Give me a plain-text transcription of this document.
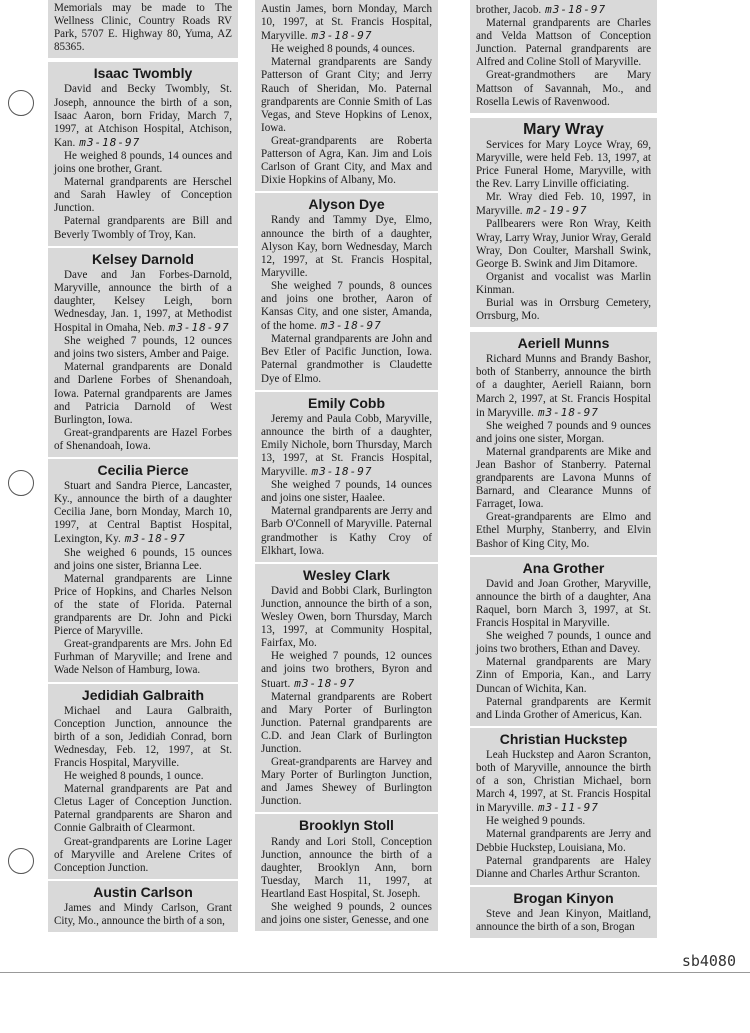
Memorials may be made to The Wellness Clinic, Country Roads RV Park, 5707 E. Highway 80, Yuma, AZ 85365.

Isaac Twombly

David and Becky Twombly, St. Joseph, announce the birth of a son, Isaac Aaron, born Friday, March 7, 1997, at Atchison Hospital, Atchison, Kan. m3-18-97

He weighed 8 pounds, 14 ounces and joins one brother, Grant.

Maternal grandparents are Herschel and Sarah Hawley of Conception Junction.

Paternal grandparents are Bill and Beverly Twombly of Troy, Kan.

Kelsey Darnold

Dave and Jan Forbes-Darnold, Maryville, announce the birth of a daughter, Kelsey Leigh, born Wednesday, Jan. 1, 1997, at Methodist Hospital in Omaha, Neb. m3-18-97

She weighed 7 pounds, 12 ounces and joins two sisters, Amber and Paige.

Maternal grandparents are Donald and Darlene Forbes of Shenandoah, Iowa. Paternal grandparents are James and Patricia Darnold of West Burlington, Iowa.

Great-grandparents are Hazel Forbes of Shenandoah, Iowa.

Cecilia Pierce

Stuart and Sandra Pierce, Lancaster, Ky., announce the birth of a daughter Cecilia Jane, born Monday, March 10, 1997, at Central Baptist Hospital, Lexington, Ky. m3-18-97

She weighed 6 pounds, 15 ounces and joins one sister, Brianna Lee.

Maternal grandparents are Linne Price of Hopkins, and Charles Nelson of the state of Florida. Paternal grandparents are Dr. John and Picki Pierce of Maryville.

Great-grandparents are Mrs. John Ed Furhman of Maryville; and Irene and Wade Nelson of Hamburg, Iowa.

Jedidiah Galbraith

Michael and Laura Galbraith, Conception Junction, announce the birth of a son, Jedidiah Conrad, born Wednesday, Feb. 12, 1997, at St. Francis Hospital, Maryville.

He weighed 8 pounds, 1 ounce.

Maternal grandparents are Pat and Cletus Lager of Conception Junction. Paternal grandparents are Sharon and Connie Galbraith of Clearmont.

Great-grandparents are Lorine Lager of Maryville and Arelene Crites of Conception Junction.

Austin Carlson

James and Mindy Carlson, Grant City, Mo., announce the birth of a son,

Austin James, born Monday, March 10, 1997, at St. Francis Hospital, Maryville. m3-18-97

He weighed 8 pounds, 4 ounces.

Maternal grandparents are Sandy Patterson of Grant City; and Jerry Rauch of Sheridan, Mo. Paternal grandparents are Connie Smith of Las Vegas, and Steve Hopkins of Lenox, Iowa.

Great-grandparents are Roberta Patterson of Agra, Kan. Jim and Lois Carlson of Grant City, and Max and Dixie Hopkins of Albany, Mo.

Alyson Dye

Randy and Tammy Dye, Elmo, announce the birth of a daughter, Alyson Kay, born Wednesday, March 12, 1997, at St. Francis Hospital, Maryville.

She weighed 7 pounds, 8 ounces and joins one brother, Aaron of Kansas City, and one sister, Amanda, of the home. m3-18-97

Maternal grandparents are John and Bev Etler of Pacific Junction, Iowa. Paternal grandmother is Claudette Dye of Elmo.

Emily Cobb

Jeremy and Paula Cobb, Maryville, announce the birth of a daughter, Emily Nichole, born Thursday, March 13, 1997, at St. Francis Hospital, Maryville. m3-18-97

She weighed 7 pounds, 14 ounces and joins one sister, Haalee.

Maternal grandparents are Jerry and Barb O'Connell of Maryville. Paternal grandmother is Kathy Croy of Elkhart, Iowa.

Wesley Clark

David and Bobbi Clark, Burlington Junction, announce the birth of a son, Wesley Owen, born Thursday, March 13, 1997, at Community Hospital, Fairfax, Mo.

He weighed 7 pounds, 12 ounces and joins two brothers, Byron and Stuart. m3-18-97

Maternal grandparents are Robert and Mary Porter of Burlington Junction. Paternal grandparents are C.D. and Jean Clark of Burlington Junction.

Great-grandparents are Harvey and Mary Porter of Burlington Junction, and James Shewey of Burlington Junction.

Brooklyn Stoll

Randy and Lori Stoll, Conception Junction, announce the birth of a daughter, Brooklyn Ann, born Tuesday, March 11, 1997, at Heartland East Hospital, St. Joseph.

She weighed 9 pounds, 2 ounces and joins one sister, Genesse, and one

brother, Jacob. m3-18-97

Maternal grandparents are Charles and Velda Mattson of Conception Junction. Paternal grandparents are Alfred and Coline Stoll of Maryville.

Great-grandmothers are Mary Mattson of Savannah, Mo., and Rosella Lewis of Ravenwood.

Mary Wray

Services for Mary Loyce Wray, 69, Maryville, were held Feb. 13, 1997, at Price Funeral Home, Maryville, with the Rev. Larry Linville officiating.

Mr. Wray died Feb. 10, 1997, in Maryville. m2-19-97

Pallbearers were Ron Wray, Keith Wray, Larry Wray, Junior Wray, Gerald Wray, Don Coulter, Marshall Swink, George B. Swink and Jim Ditamore.

Organist and vocalist was Marlin Kinman.

Burial was in Orrsburg Cemetery, Orrsburg, Mo.

Aeriell Munns

Richard Munns and Brandy Bashor, both of Stanberry, announce the birth of a daughter, Aeriell Raiann, born March 2, 1997, at St. Francis Hospital in Maryville. m3-18-97

She weighed 7 pounds and 9 ounces and joins one sister, Morgan.

Maternal grandparents are Mike and Jean Bashor of Stanberry. Paternal grandparents are Lavona Munns of Barnard, and Clearance Munns of Farraget, Iowa.

Great-grandparents are Elmo and Ethel Murphy, Stanberry, and Elvin Bashor of King City, Mo.

Ana Grother

David and Joan Grother, Maryville, announce the birth of a daughter, Ana Raquel, born March 3, 1997, at St. Francis Hospital in Maryville.

She weighed 7 pounds, 1 ounce and joins two brothers, Ethan and Davey.

Maternal grandparents are Mary Zinn of Emporia, Kan., and Larry Duncan of Wichita, Kan.

Paternal grandparents are Kermit and Linda Grother of Americus, Kan.

Christian Huckstep

Leah Huckstep and Aaron Scranton, both of Maryville, announce the birth of a son, Christian Michael, born March 4, 1997, at St. Francis Hospital in Maryville. m3-11-97

He weighed 9 pounds.

Maternal grandparents are Jerry and Debbie Huckstep, Louisiana, Mo.

Paternal grandparents are Haley Dianne and Charles Arthur Scranton.

Brogan Kinyon

Steve and Jean Kinyon, Maitland, announce the birth of a son, Brogan

sb4080
